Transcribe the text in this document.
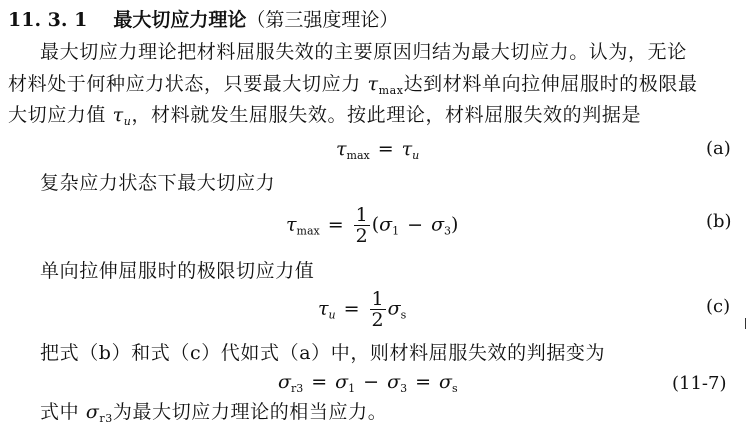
11. 3. 1 最大切应力理论（第三强度理论）
最大切应力理论把材料屈服失效的主要原因归结为最大切应力。认为，无论
材料处于何种应力状态，只要最大切应力 $\tau_{max}$达到材料单向拉伸屈服时的极限最
大切应力值 $\tau_u$，材料就发生屈服失效。按此理论，材料屈服失效的判据是
$\tau_{max} = \tau_u$	(a)
复杂应力状态下最大切应力
$\tau_{max} = \frac{1}{2} (\sigma_1 - \sigma_3)$	(b)
单向拉伸屈服时的极限切应力值
$\tau_u = \frac{1}{2} \sigma_s$	(c)
把式（b）和式（c）代如式（a）中，则材料屈服失效的判据变为
$\sigma_{r3} = \sigma_1 - \sigma_3 = \sigma_s$	(11-7)
式中 $\sigma_{r3}$为最大切应力理论的相当应力。
